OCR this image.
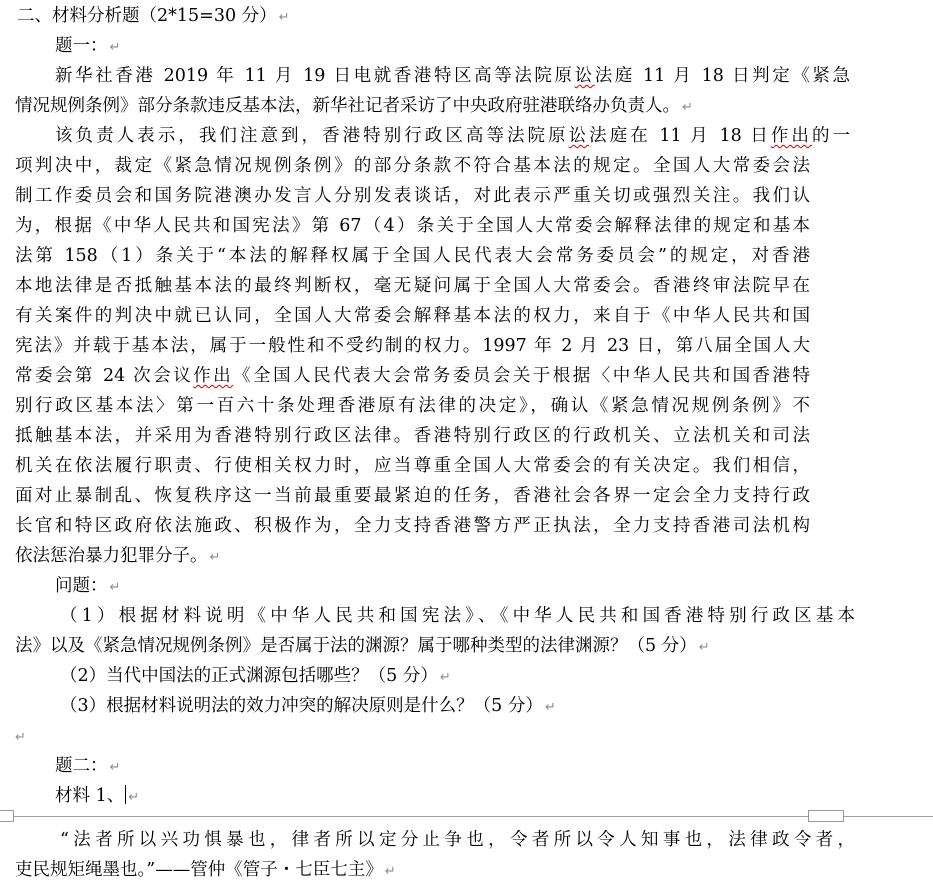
二、材料分析题（2*15=30 分） ↵
题一： ↵
新华社香港 2019 年 11 月 19 日电就香港特区高等法院原讼法庭 11 月 18 日判定《紧急
情况规例条例》部分条款违反基本法，新华社记者采访了中央政府驻港联络办负责人。 ↵
该负责人表示，我们注意到，香港特别行政区高等法院原讼法庭在 11 月 18 日作出的一
项判决中，裁定《紧急情况规例条例》的部分条款不符合基本法的规定。全国人大常委会法
制工作委员会和国务院港澳办发言人分别发表谈话，对此表示严重关切或强烈关注。我们认
为，根据《中华人民共和国宪法》第 67（4）条关于全国人大常委会解释法律的规定和基本
法第 158（1）条关于“本法的解释权属于全国人民代表大会常务委员会”的规定，对香港
本地法律是否抵触基本法的最终判断权，毫无疑问属于全国人大常委会。香港终审法院早在
有关案件的判决中就已认同，全国人大常委会解释基本法的权力，来自于《中华人民共和国
宪法》并载于基本法，属于一般性和不受约制的权力。1997 年 2 月 23 日，第八届全国人大
常委会第 24 次会议作出《全国人民代表大会常务委员会关于根据〈中华人民共和国香港特
别行政区基本法〉第一百六十条处理香港原有法律的决定》，确认《紧急情况规例条例》不
抵触基本法，并采用为香港特别行政区法律。香港特别行政区的行政机关、立法机关和司法
机关在依法履行职责、行使相关权力时，应当尊重全国人大常委会的有关决定。我们相信，
面对止暴制乱、恢复秩序这一当前最重要最紧迫的任务，香港社会各界一定会全力支持行政
长官和特区政府依法施政、积极作为，全力支持香港警方严正执法，全力支持香港司法机构
依法惩治暴力犯罪分子。 ↵
问题： ↵
（1）根据材料说明《中华人民共和国宪法》、《中华人民共和国香港特别行政区基本
法》以及《紧急情况规例条例》是否属于法的渊源？属于哪种类型的法律渊源？（5 分） ↵
（2）当代中国法的正式渊源包括哪些？（5 分） ↵
（3）根据材料说明法的效力冲突的解决原则是什么？（5 分） ↵
↵
题二： ↵
材料 1、 ↵
“法者所以兴功惧暴也，律者所以定分止争也，令者所以令人知事也，法律政令者，
吏民规矩绳墨也。”——管仲《管子・七臣七主》 ↵
